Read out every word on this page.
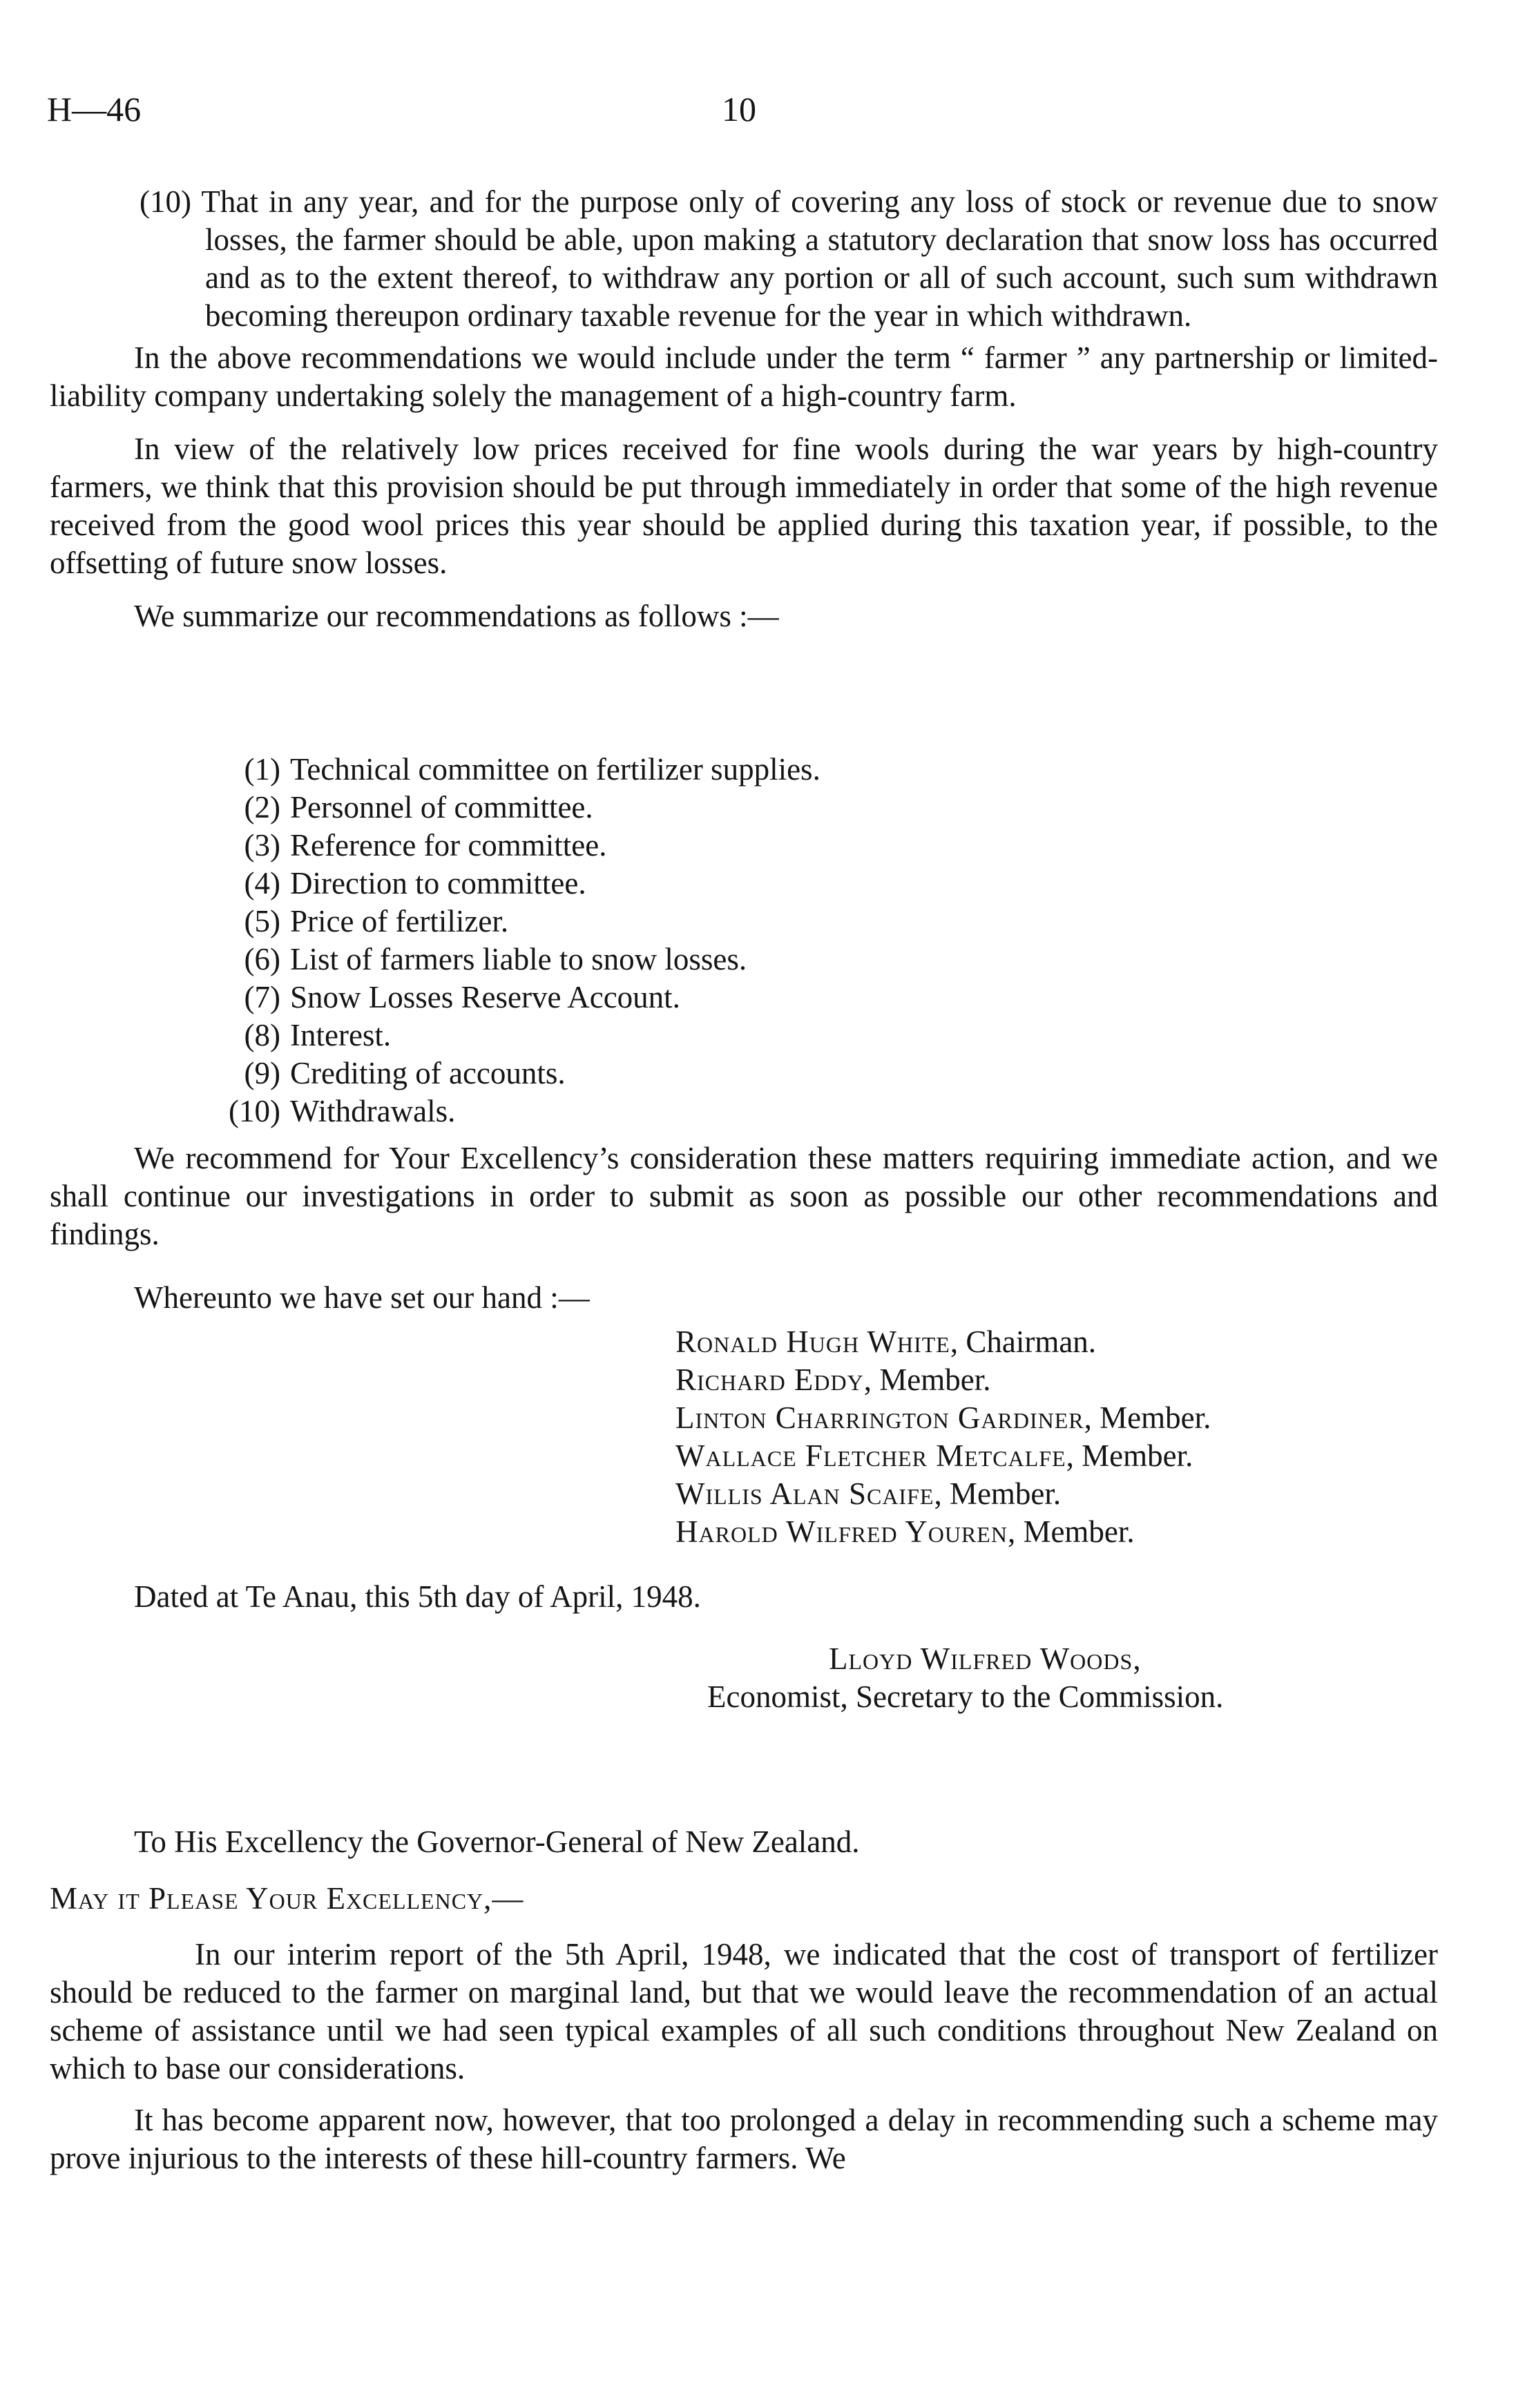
H—46	10

(10) That in any year, and for the purpose only of covering any loss of stock or revenue due to snow losses, the farmer should be able, upon making a statutory declaration that snow loss has occurred and as to the extent thereof, to withdraw any portion or all of such account, such sum withdrawn becoming thereupon ordinary taxable revenue for the year in which withdrawn.

In the above recommendations we would include under the term “ farmer ” any partnership or limited-liability company undertaking solely the management of a high-country farm.

In view of the relatively low prices received for fine wools during the war years by high-country farmers, we think that this provision should be put through immediately in order that some of the high revenue received from the good wool prices this year should be applied during this taxation year, if possible, to the offsetting of future snow losses.

We summarize our recommendations as follows :—

(1) Technical committee on fertilizer supplies.
(2) Personnel of committee.
(3) Reference for committee.
(4) Direction to committee.
(5) Price of fertilizer.
(6) List of farmers liable to snow losses.
(7) Snow Losses Reserve Account.
(8) Interest.
(9) Crediting of accounts.
(10) Withdrawals.

We recommend for Your Excellency’s consideration these matters requiring immediate action, and we shall continue our investigations in order to submit as soon as possible our other recommendations and findings.

Whereunto we have set our hand :—
Ronald Hugh White, Chairman.
Richard Eddy, Member.
Linton Charrington Gardiner, Member.
Wallace Fletcher Metcalfe, Member.
Willis Alan Scaife, Member.
Harold Wilfred Youren, Member.
Dated at Te Anau, this 5th day of April, 1948.
Lloyd Wilfred Woods,
Economist, Secretary to the Commission.
To His Excellency the Governor-General of New Zealand.
May it Please Your Excellency,—

In our interim report of the 5th April, 1948, we indicated that the cost of transport of fertilizer should be reduced to the farmer on marginal land, but that we would leave the recommendation of an actual scheme of assistance until we had seen typical examples of all such conditions throughout New Zealand on which to base our considerations.

It has become apparent now, however, that too prolonged a delay in recommending such a scheme may prove injurious to the interests of these hill-country farmers. We
